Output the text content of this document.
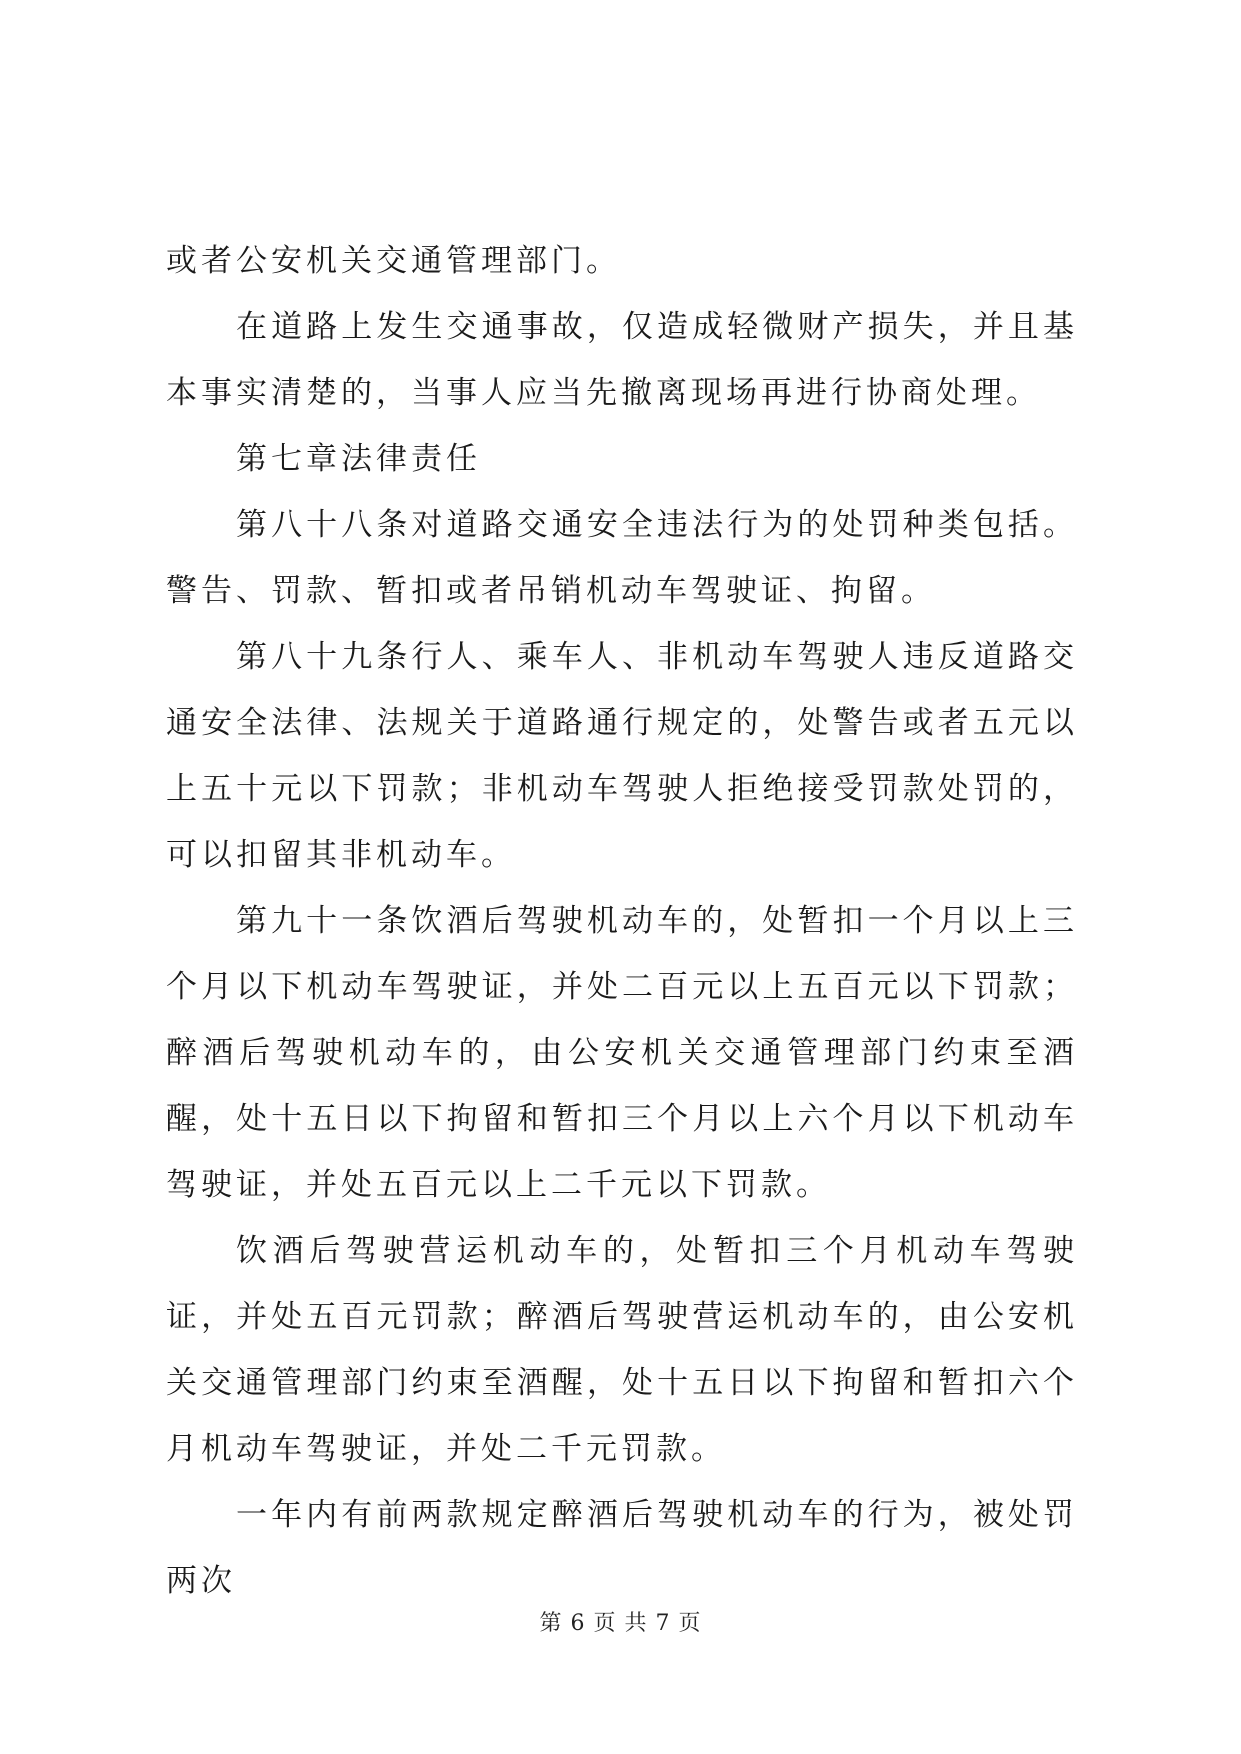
或者公安机关交通管理部门。

在道路上发生交通事故，仅造成轻微财产损失，并且基本事实清楚的，当事人应当先撤离现场再进行协商处理。

第七章法律责任

第八十八条对道路交通安全违法行为的处罚种类包括。警告、罚款、暂扣或者吊销机动车驾驶证、拘留。

第八十九条行人、乘车人、非机动车驾驶人违反道路交通安全法律、法规关于道路通行规定的，处警告或者五元以上五十元以下罚款；非机动车驾驶人拒绝接受罚款处罚的，可以扣留其非机动车。

第九十一条饮酒后驾驶机动车的，处暂扣一个月以上三个月以下机动车驾驶证，并处二百元以上五百元以下罚款；醉酒后驾驶机动车的，由公安机关交通管理部门约束至酒醒，处十五日以下拘留和暂扣三个月以上六个月以下机动车驾驶证，并处五百元以上二千元以下罚款。

饮酒后驾驶营运机动车的，处暂扣三个月机动车驾驶证，并处五百元罚款；醉酒后驾驶营运机动车的，由公安机关交通管理部门约束至酒醒，处十五日以下拘留和暂扣六个月机动车驾驶证，并处二千元罚款。

一年内有前两款规定醉酒后驾驶机动车的行为，被处罚两次

第 6 页 共 7 页
